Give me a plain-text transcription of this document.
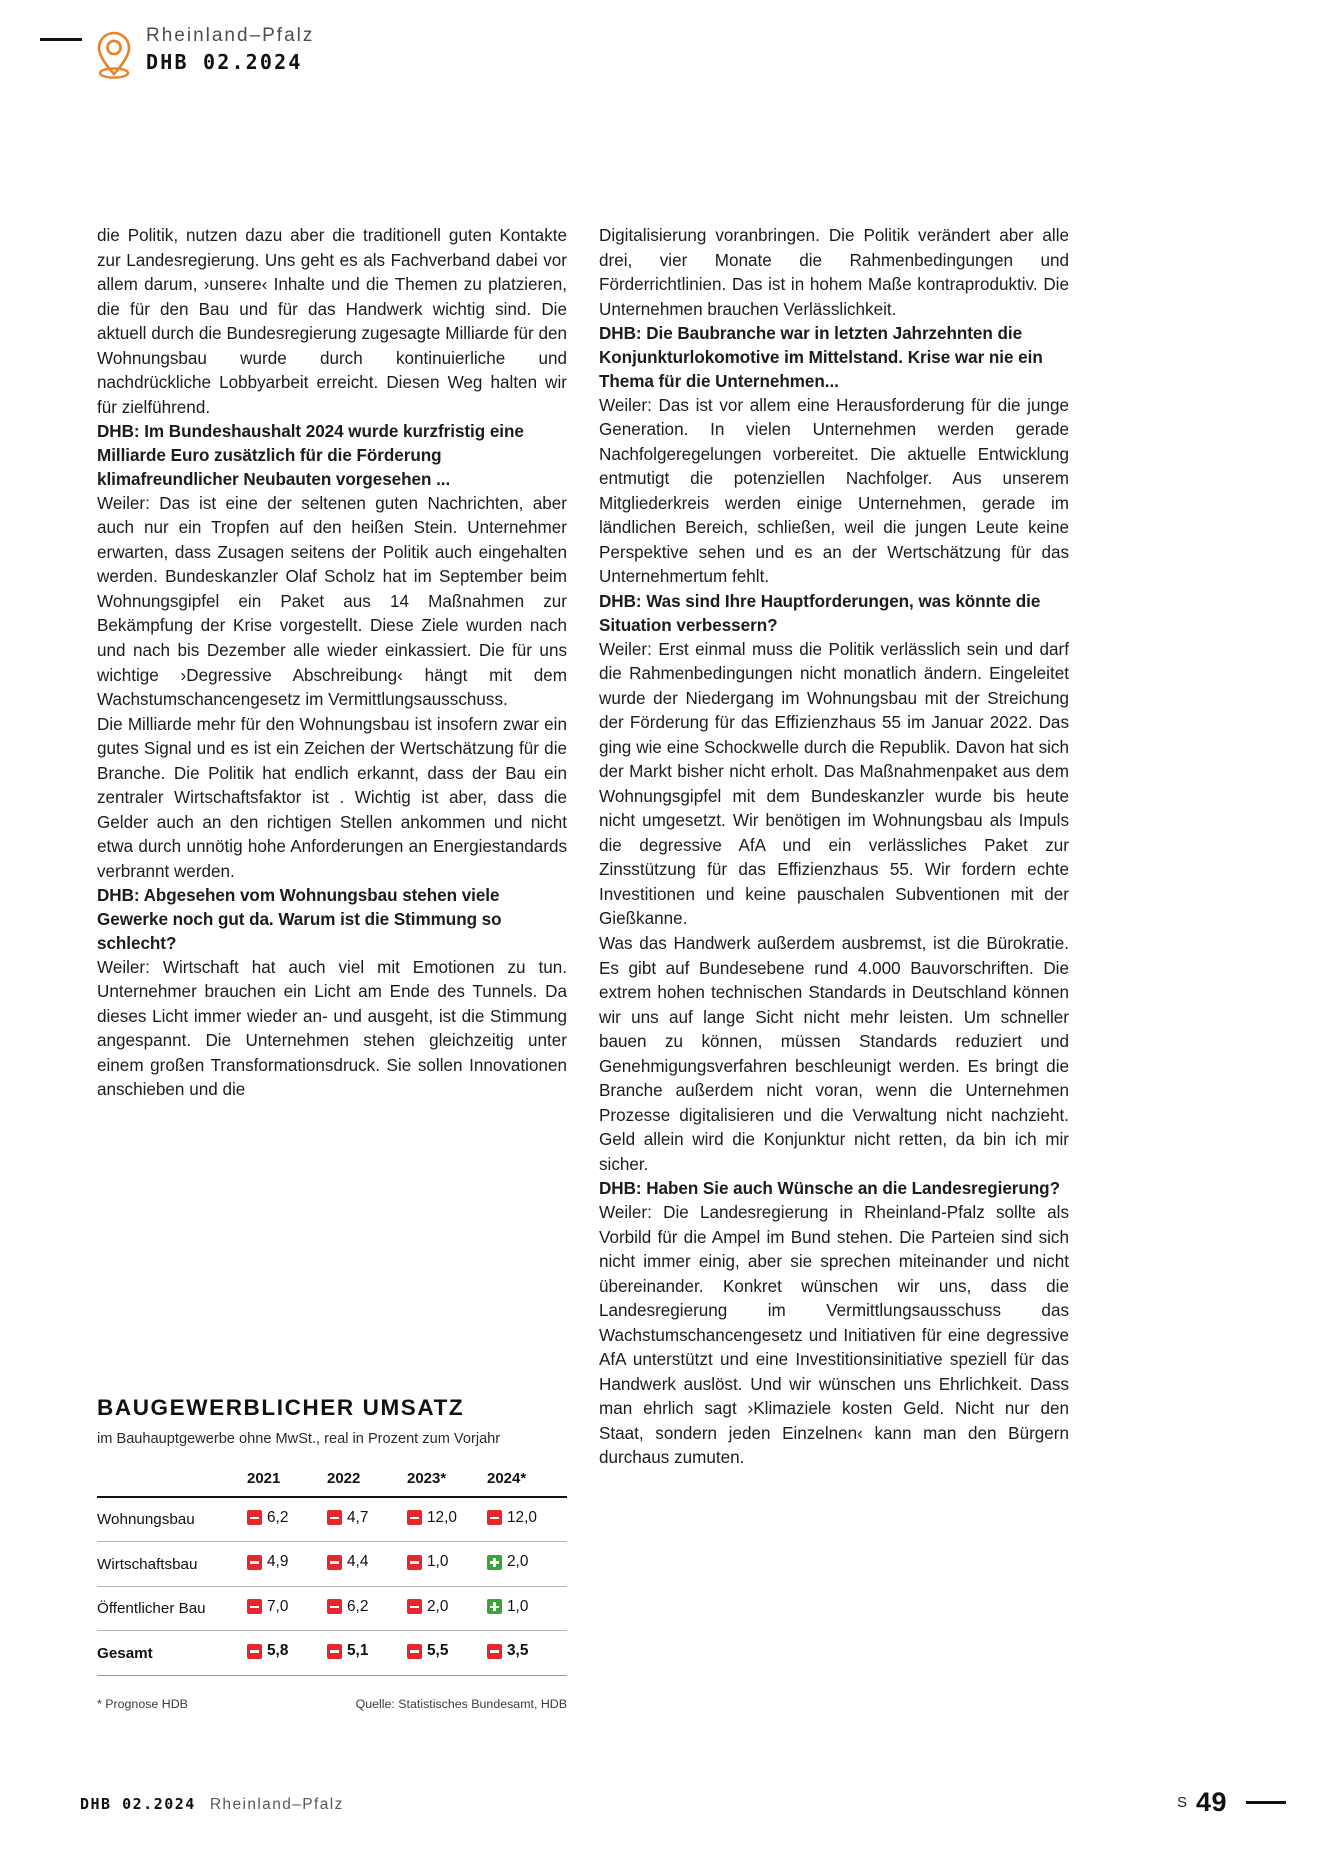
Rheinland–Pfalz
DHB 02.2024

die Politik, nutzen dazu aber die traditionell guten Kontakte zur Landesregierung. Uns geht es als Fachverband dabei vor allem darum, ›unsere‹ Inhalte und die Themen zu platzieren, die für den Bau und für das Handwerk wichtig sind. Die aktuell durch die Bundesregierung zugesagte Milliarde für den Wohnungsbau wurde durch kontinuierliche und nachdrückliche Lobbyarbeit erreicht. Diesen Weg halten wir für zielführend.

DHB: Im Bundeshaushalt 2024 wurde kurzfristig eine Milliarde Euro zusätzlich für die Förderung klimafreundlicher Neubauten vorgesehen ...

Weiler: Das ist eine der seltenen guten Nachrichten, aber auch nur ein Tropfen auf den heißen Stein. Unternehmer erwarten, dass Zusagen seitens der Politik auch eingehalten werden. Bundeskanzler Olaf Scholz hat im September beim Wohnungsgipfel ein Paket aus 14 Maßnahmen zur Bekämpfung der Krise vorgestellt. Diese Ziele wurden nach und nach bis Dezember alle wieder einkassiert. Die für uns wichtige ›Degressive Abschreibung‹ hängt mit dem Wachstumschancengesetz im Vermittlungsausschuss.

Die Milliarde mehr für den Wohnungsbau ist insofern zwar ein gutes Signal und es ist ein Zeichen der Wertschätzung für die Branche. Die Politik hat endlich erkannt, dass der Bau ein zentraler Wirtschaftsfaktor ist . Wichtig ist aber, dass die Gelder auch an den richtigen Stellen ankommen und nicht etwa durch unnötig hohe Anforderungen an Energiestandards verbrannt werden.

DHB: Abgesehen vom Wohnungsbau stehen viele Gewerke noch gut da. Warum ist die Stimmung so schlecht?

Weiler: Wirtschaft hat auch viel mit Emotionen zu tun. Unternehmer brauchen ein Licht am Ende des Tunnels. Da dieses Licht immer wieder an- und ausgeht, ist die Stimmung angespannt. Die Unternehmen stehen gleichzeitig unter einem großen Transformationsdruck. Sie sollen Innovationen anschieben und die

Digitalisierung voranbringen. Die Politik verändert aber alle drei, vier Monate die Rahmenbedingungen und Förderrichtlinien. Das ist in hohem Maße kontraproduktiv. Die Unternehmen brauchen Verlässlichkeit.

DHB: Die Baubranche war in letzten Jahrzehnten die Konjunkturlokomotive im Mittelstand. Krise war nie ein Thema für die Unternehmen...

Weiler: Das ist vor allem eine Herausforderung für die junge Generation. In vielen Unternehmen werden gerade Nachfolgeregelungen vorbereitet. Die aktuelle Entwicklung entmutigt die potenziellen Nachfolger. Aus unserem Mitgliederkreis werden einige Unternehmen, gerade im ländlichen Bereich, schließen, weil die jungen Leute keine Perspektive sehen und es an der Wertschätzung für das Unternehmertum fehlt.

DHB: Was sind Ihre Hauptforderungen, was könnte die Situation verbessern?

Weiler: Erst einmal muss die Politik verlässlich sein und darf die Rahmenbedingungen nicht monatlich ändern. Eingeleitet wurde der Niedergang im Wohnungsbau mit der Streichung der Förderung für das Effizienzhaus 55 im Januar 2022. Das ging wie eine Schockwelle durch die Republik. Davon hat sich der Markt bisher nicht erholt. Das Maßnahmenpaket aus dem Wohnungsgipfel mit dem Bundeskanzler wurde bis heute nicht umgesetzt. Wir benötigen im Wohnungsbau als Impuls die degressive AfA und ein verlässliches Paket zur Zinsstützung für das Effizienzhaus 55. Wir fordern echte Investitionen und keine pauschalen Subventionen mit der Gießkanne.

Was das Handwerk außerdem ausbremst, ist die Bürokratie. Es gibt auf Bundesebene rund 4.000 Bauvorschriften. Die extrem hohen technischen Standards in Deutschland können wir uns auf lange Sicht nicht mehr leisten. Um schneller bauen zu können, müssen Standards reduziert und Genehmigungsverfahren beschleunigt werden. Es bringt die Branche außerdem nicht voran, wenn die Unternehmen Prozesse digitalisieren und die Verwaltung nicht nachzieht. Geld allein wird die Konjunktur nicht retten, da bin ich mir sicher.

DHB: Haben Sie auch Wünsche an die Landesregierung?

Weiler: Die Landesregierung in Rheinland-Pfalz sollte als Vorbild für die Ampel im Bund stehen. Die Parteien sind sich nicht immer einig, aber sie sprechen miteinander und nicht übereinander. Konkret wünschen wir uns, dass die Landesregierung im Vermittlungsausschuss das Wachstumschancengesetz und Initiativen für eine degressive AfA unterstützt und eine Investitionsinitiative speziell für das Handwerk auslöst. Und wir wünschen uns Ehrlichkeit. Dass man ehrlich sagt ›Klimaziele kosten Geld. Nicht nur den Staat, sondern jeden Einzelnen‹ kann man den Bürgern durchaus zumuten.

BAUGEWERBLICHER UMSATZ
im Bauhauptgewerbe ohne MwSt., real in Prozent zum Vorjahr
	2021	2022	2023*	2024*
Wohnungsbau	6,2	4,7	12,0	12,0

Wirtschaftsbau	4,9	4,4	1,0	2,0

Öffentlicher Bau	7,0	6,2	2,0	1,0

Gesamt	5,8	5,1	5,5	3,5
* Prognose HDB	Quelle: Statistisches Bundesamt, HDB
DHB 02.2024 Rheinland–Pfalz	S 49
